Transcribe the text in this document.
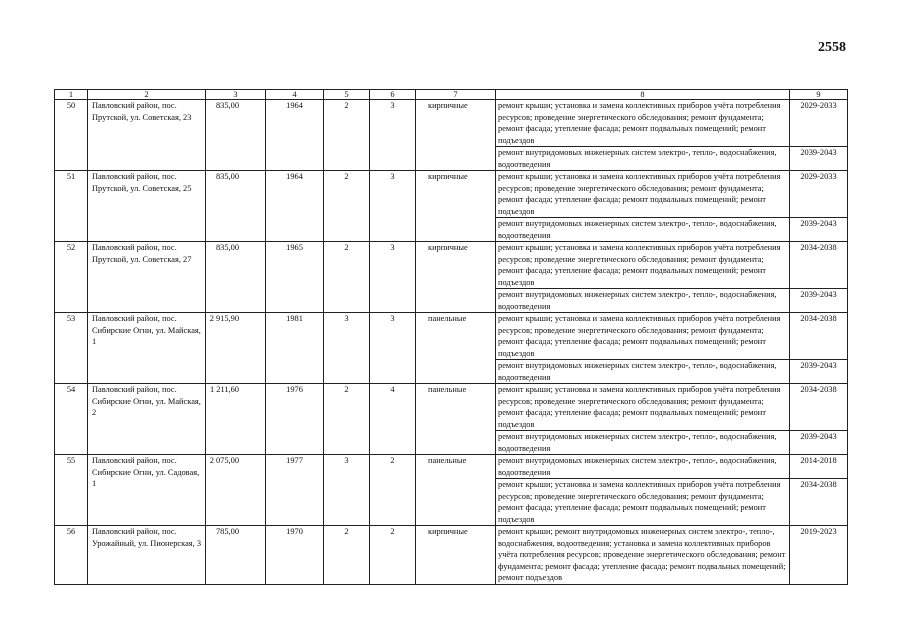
2558
1	2	3	4	5	6	7	8	9
50	Павловский район, пос. Прутской, ул. Советская, 23	835,00	1964	2	3	кирпичные	ремонт крыши; установка и замена коллективных приборов учёта потребления ресурсов; проведение энергетического обследования; ремонт фундамента; ремонт фасада; утепление фасада; ремонт подвальных помещений; ремонт подъездов	2029-2033
							ремонт внутридомовых инженерных систем электро-, тепло-, водоснабжения, водоотведения	2039-2043
51	Павловский район, пос. Прутской, ул. Советская, 25	835,00	1964	2	3	кирпичные	ремонт крыши; установка и замена коллективных приборов учёта потребления ресурсов; проведение энергетического обследования; ремонт фундамента; ремонт фасада; утепление фасада; ремонт подвальных помещений; ремонт подъездов	2029-2033
							ремонт внутридомовых инженерных систем электро-, тепло-, водоснабжения, водоотведения	2039-2043
52	Павловский район, пос. Прутской, ул. Советская, 27	835,00	1965	2	3	кирпичные	ремонт крыши; установка и замена коллективных приборов учёта потребления ресурсов; проведение энергетического обследования; ремонт фундамента; ремонт фасада; утепление фасада; ремонт подвальных помещений; ремонт подъездов	2034-2038
							ремонт внутридомовых инженерных систем электро-, тепло-, водоснабжения, водоотведения	2039-2043
53	Павловский район, пос. Сибирские Огни, ул. Майская, 1	2 915,90	1981	3	3	панельные	ремонт крыши; установка и замена коллективных приборов учёта потребления ресурсов; проведение энергетического обследования; ремонт фундамента; ремонт фасада; утепление фасада; ремонт подвальных помещений; ремонт подъездов	2034-2038
							ремонт внутридомовых инженерных систем электро-, тепло-, водоснабжения, водоотведения	2039-2043
54	Павловский район, пос. Сибирские Огни, ул. Майская, 2	1 211,60	1976	2	4	панельные	ремонт крыши; установка и замена коллективных приборов учёта потребления ресурсов; проведение энергетического обследования; ремонт фундамента; ремонт фасада; утепление фасада; ремонт подвальных помещений; ремонт подъездов	2034-2038
							ремонт внутридомовых инженерных систем электро-, тепло-, водоснабжения, водоотведения	2039-2043
55	Павловский район, пос. Сибирские Огни, ул. Садовая, 1	2 075,00	1977	3	2	панельные	ремонт внутридомовых инженерных систем электро-, тепло-, водоснабжения, водоотведения	2014-2018
							ремонт крыши; установка и замена коллективных приборов учёта потребления ресурсов; проведение энергетического обследования; ремонт фундамента; ремонт фасада; утепление фасада; ремонт подвальных помещений; ремонт подъездов	2034-2038
56	Павловский район, пос. Урожайный, ул. Пионерская, 3	785,00	1970	2	2	кирпичные	ремонт крыши; ремонт внутридомовых инженерных систем электро-, тепло-, водоснабжения, водоотведения; установка и замена коллективных приборов учёта потребления ресурсов; проведение энергетического обследования; ремонт фундамента; ремонт фасада; утепление фасада; ремонт подвальных помещений; ремонт подъездов	2019-2023
